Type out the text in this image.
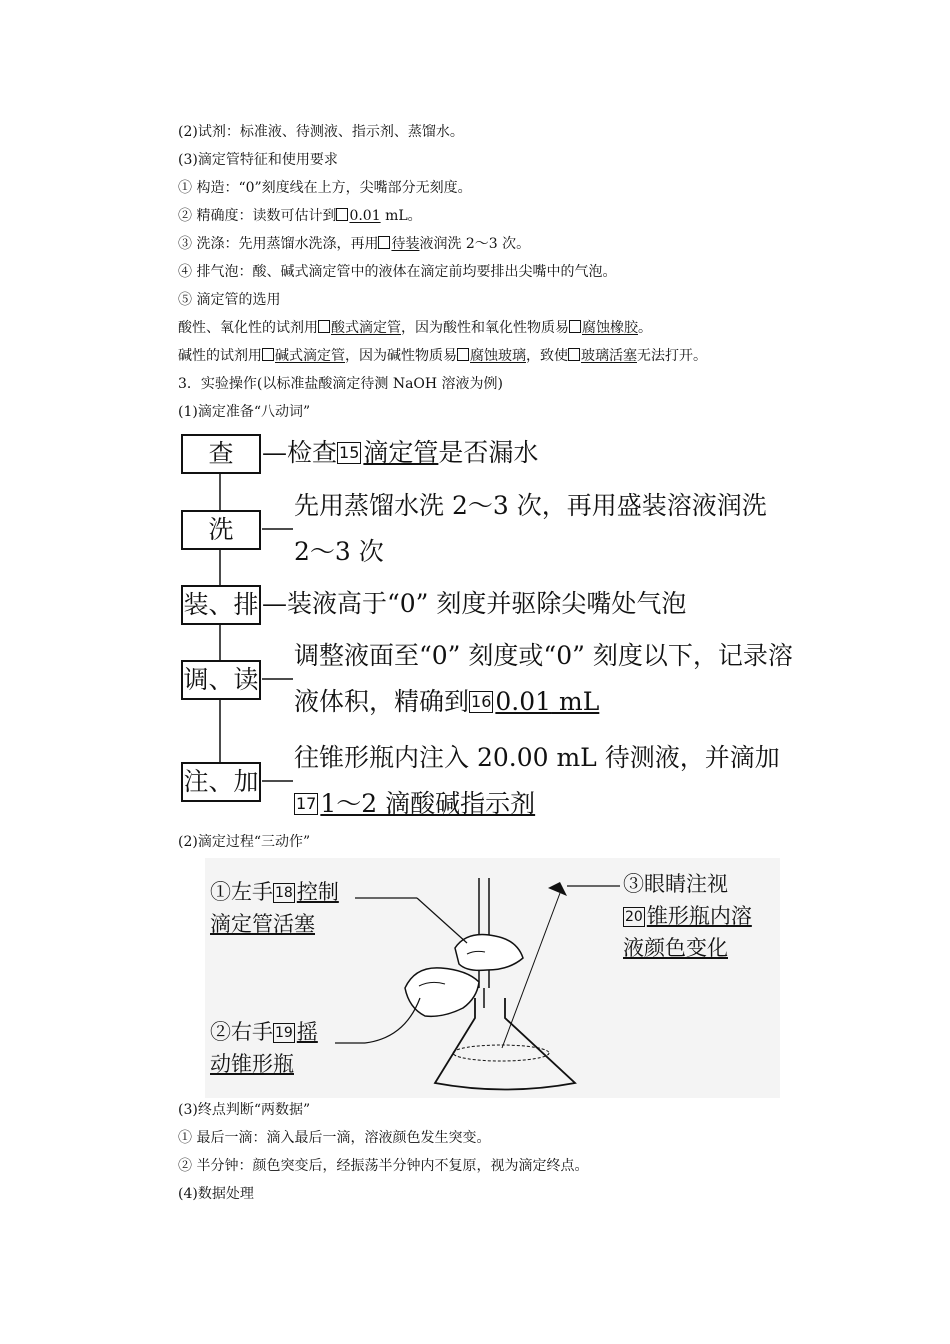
(2)试剂：标准液、待测液、指示剂、蒸馏水。
(3)滴定管特征和使用要求
① 构造：“0”刻度线在上方，尖嘴部分无刻度。
② 精确度：读数可估计到 0.01 mL。
③ 洗涤：先用蒸馏水洗涤，再用 待装液润洗 2～3 次。
④ 排气泡：酸、碱式滴定管中的液体在滴定前均要排出尖嘴中的气泡。
⑤ 滴定管的选用
酸性、氧化性的试剂用 酸式滴定管，因为酸性和氧化性物质易 腐蚀橡胶。
碱性的试剂用 碱式滴定管，因为碱性物质易 腐蚀玻璃，致使 玻璃活塞无法打开。
3．实验操作(以标准盐酸滴定待测 NaOH 溶液为例)
(1)滴定准备“八动词”
查
洗
装、排
调、读
注、加
—检查 15 滴定管是否漏水
先用蒸馏水洗 2～3 次，再用盛装溶液润洗
2～3 次
—装液高于“0” 刻度并驱除尖嘴处气泡
调整液面至“0” 刻度或“0” 刻度以下，记录溶
液体积，精确到 16 0.01 mL
往锥形瓶内注入 20.00 mL 待测液，并滴加
17 1～2 滴酸碱指示剂
(2)滴定过程“三动作”
①左手 18 控制
滴定管活塞
②右手 19 摇
动锥形瓶
③眼睛注视
20 锥形瓶内溶
液颜色变化
(3)终点判断“两数据”
① 最后一滴：滴入最后一滴，溶液颜色发生突变。
② 半分钟：颜色突变后，经振荡半分钟内不复原，视为滴定终点。
(4)数据处理
